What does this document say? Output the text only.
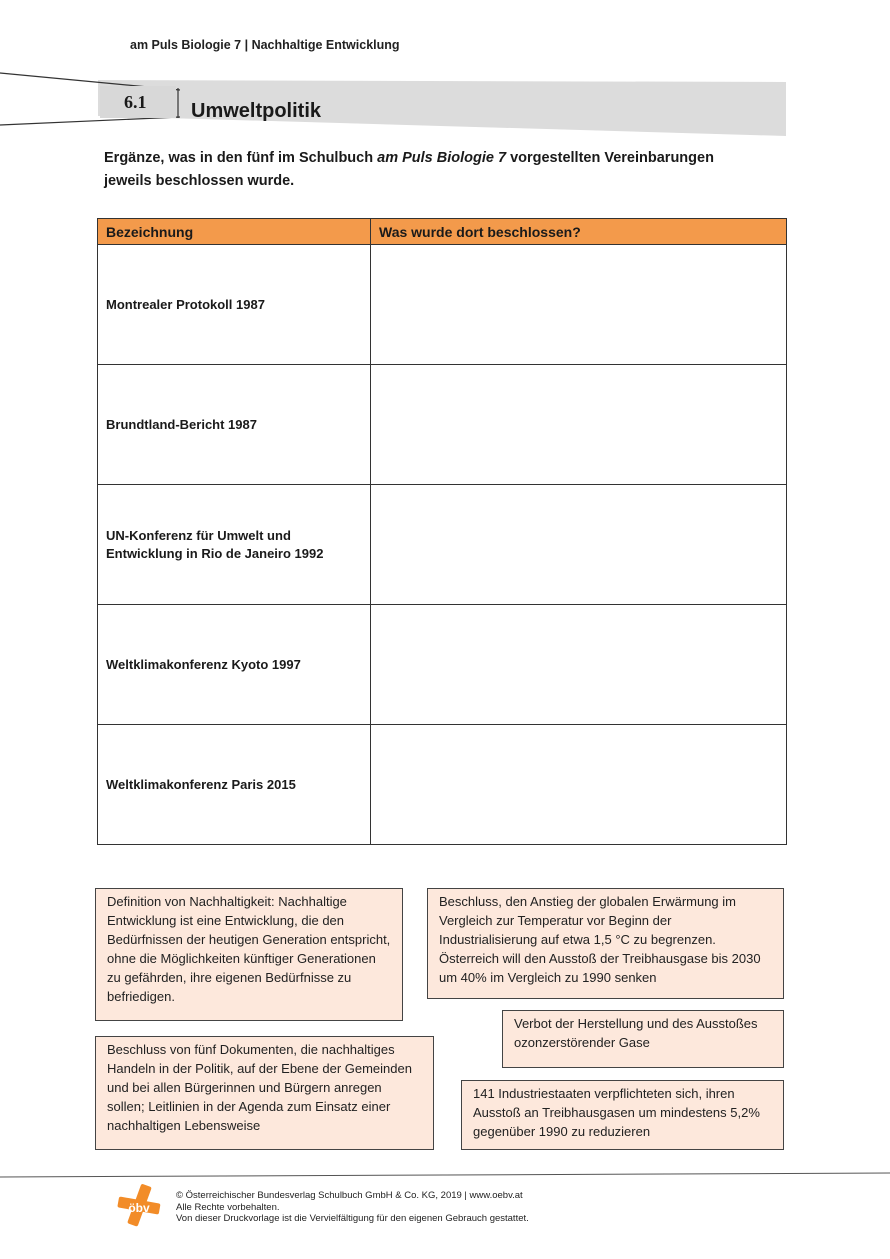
am Puls Biologie 7 | Nachhaltige Entwicklung
6.1	Umweltpolitik
Ergänze, was in den fünf im Schulbuch am Puls Biologie 7 vorgestellten Vereinbarungen jeweils beschlossen wurde.
Bezeichnung	Was wurde dort beschlossen?
Montrealer Protokoll 1987	
Brundtland-Bericht 1987	
UN-Konferenz für Umwelt und Entwicklung in Rio de Janeiro 1992	
Weltklimakonferenz Kyoto 1997	
Weltklimakonferenz Paris 2015	
Definition von Nachhaltigkeit: Nachhaltige Entwicklung ist eine Entwicklung, die den Bedürfnissen der heutigen Generation entspricht, ohne die Möglichkeiten künftiger Generationen zu gefährden, ihre eigenen Bedürfnisse zu befriedigen.
Beschluss, den Anstieg der globalen Erwärmung im Vergleich zur Temperatur vor Beginn der Industrialisierung auf etwa 1,5 °C zu begrenzen. Österreich will den Ausstoß der Treibhausgase bis 2030 um 40% im Vergleich zu 1990 senken
Verbot der Herstellung und des Ausstoßes ozonzerstörender Gase
Beschluss von fünf Dokumenten, die nachhaltiges Handeln in der Politik, auf der Ebene der Gemeinden und bei allen Bürgerinnen und Bürgern anregen sollen; Leitlinien in der Agenda zum Einsatz einer nachhaltigen Lebensweise
141 Industriestaaten verpflichteten sich, ihren Ausstoß an Treibhausgasen um mindestens 5,2% gegenüber 1990 zu reduzieren
öbv
© Österreichischer Bundesverlag Schulbuch GmbH & Co. KG, 2019 | www.oebv.at
Alle Rechte vorbehalten.
Von dieser Druckvorlage ist die Vervielfältigung für den eigenen Gebrauch gestattet.
